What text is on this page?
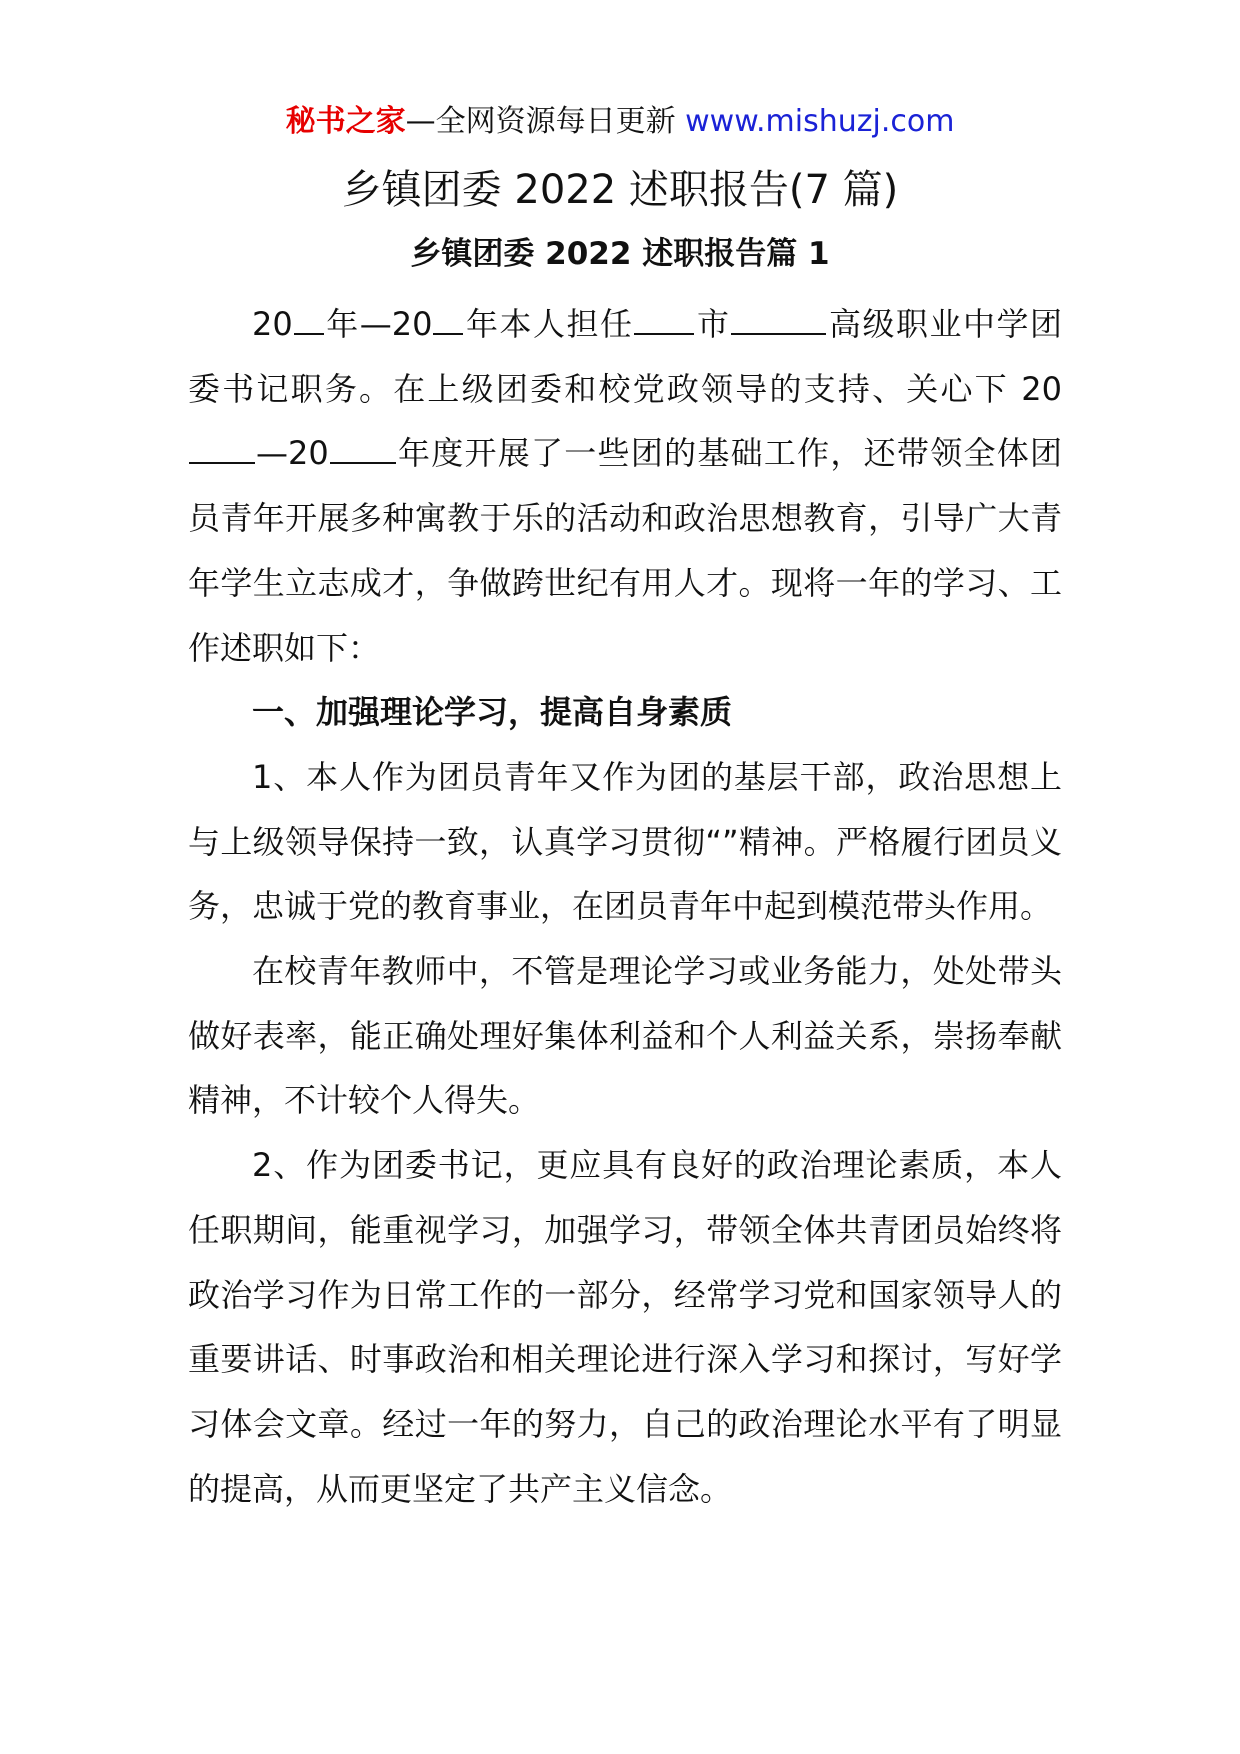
秘书之家—全网资源每日更新 www.mishuzj.com
乡镇团委 2022 述职报告(7 篇)
乡镇团委 2022 述职报告篇 1

20 年—20 年本人担任 市	高级职业中学团委书记职务。在上级团委和校党政领导的支持、关心下 20—20 年度开展了一些团的基础工作，还带领全体团员青年开展多种寓教于乐的活动和政治思想教育，引导广大青年学生立志成才，争做跨世纪有用人才。现将一年的学习、工作述职如下：

一、加强理论学习，提高自身素质

1、本人作为团员青年又作为团的基层干部，政治思想上与上级领导保持一致，认真学习贯彻“”精神。严格履行团员义务，忠诚于党的教育事业，在团员青年中起到模范带头作用。

在校青年教师中，不管是理论学习或业务能力，处处带头做好表率，能正确处理好集体利益和个人利益关系，崇扬奉献精神，不计较个人得失。

2、作为团委书记，更应具有良好的政治理论素质，本人任职期间，能重视学习，加强学习，带领全体共青团员始终将政治学习作为日常工作的一部分，经常学习党和国家领导人的重要讲话、时事政治和相关理论进行深入学习和探讨，写好学习体会文章。经过一年的努力，自己的政治理论水平有了明显的提高，从而更坚定了共产主义信念。
